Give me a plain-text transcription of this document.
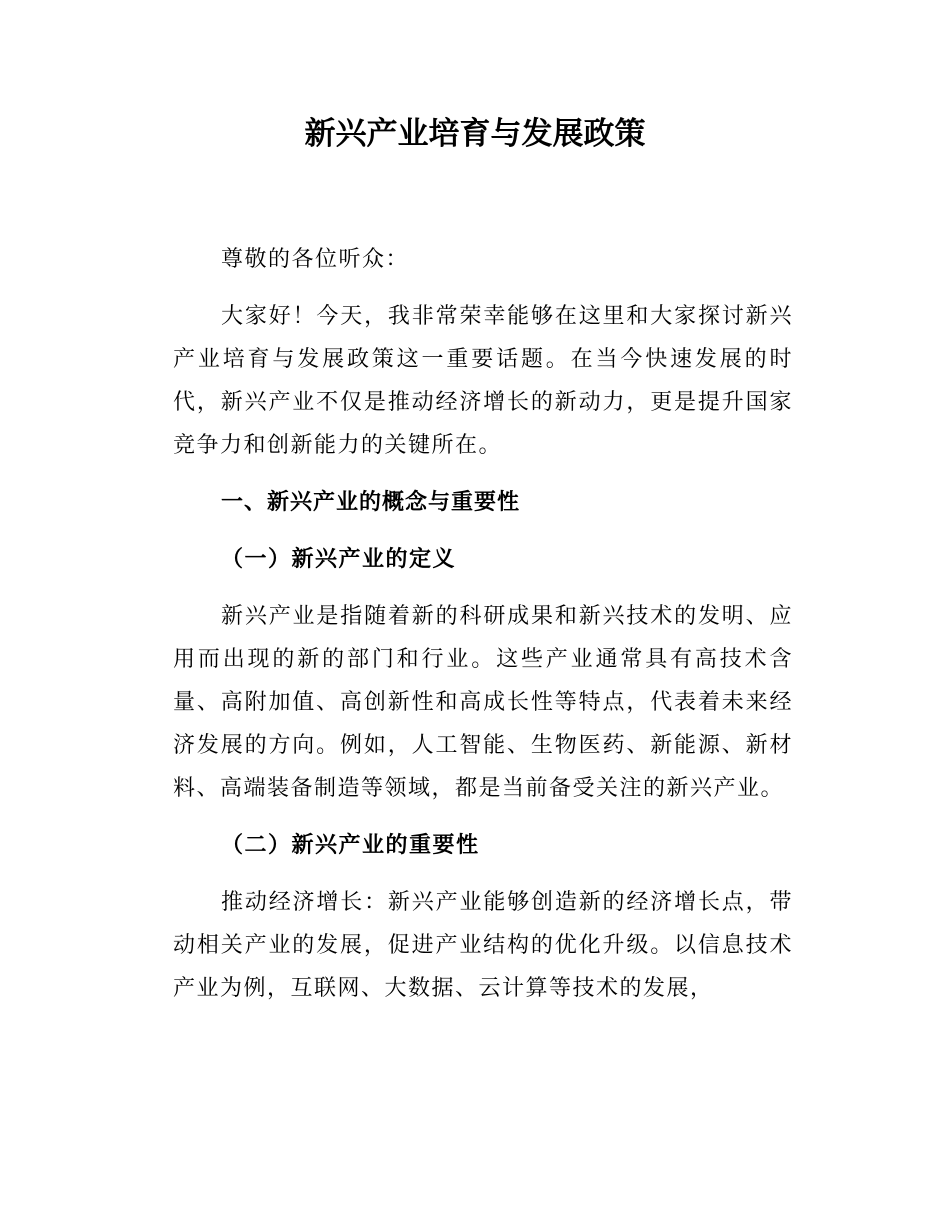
新兴产业培育与发展政策

尊敬的各位听众：

大家好！今天，我非常荣幸能够在这里和大家探讨新兴产业培育与发展政策这一重要话题。在当今快速发展的时代，新兴产业不仅是推动经济增长的新动力，更是提升国家竞争力和创新能力的关键所在。

一、新兴产业的概念与重要性
（一）新兴产业的定义

新兴产业是指随着新的科研成果和新兴技术的发明、应用而出现的新的部门和行业。这些产业通常具有高技术含量、高附加值、高创新性和高成长性等特点，代表着未来经济发展的方向。例如，人工智能、生物医药、新能源、新材料、高端装备制造等领域，都是当前备受关注的新兴产业。

（二）新兴产业的重要性

推动经济增长：新兴产业能够创造新的经济增长点，带动相关产业的发展，促进产业结构的优化升级。以信息技术产业为例，互联网、大数据、云计算等技术的发展，
